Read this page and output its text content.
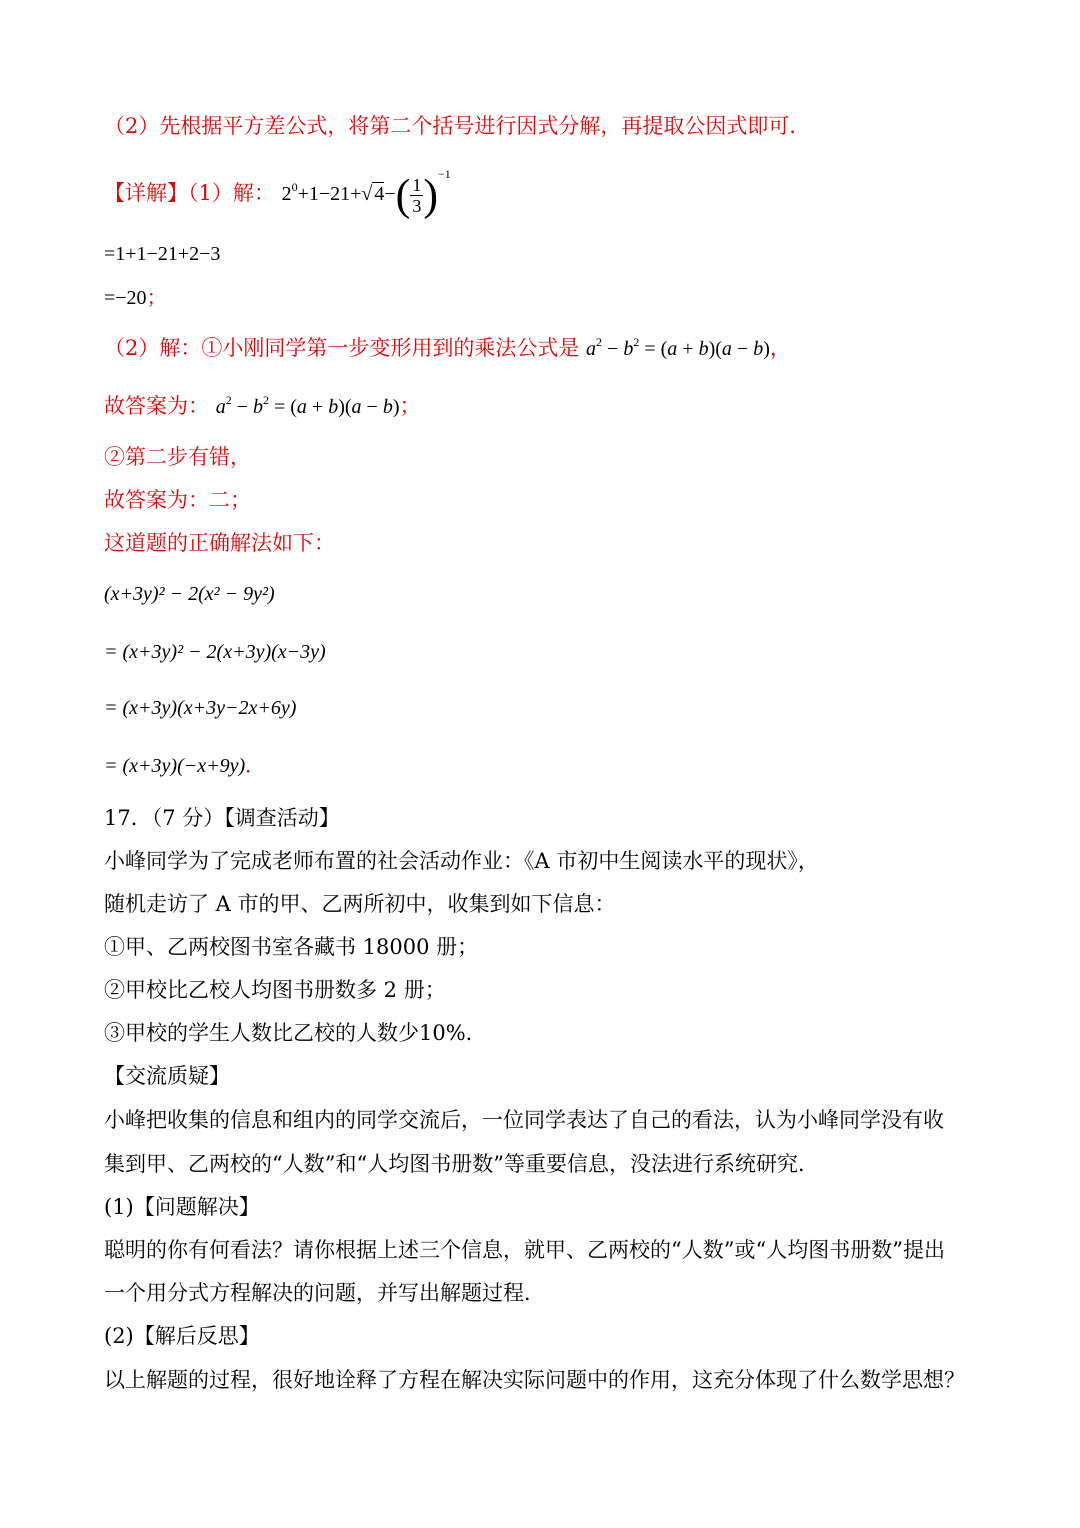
（2）先根据平方差公式，将第二个括号进行因式分解，再提取公因式即可．
【详解】（1）解： $2^0+1-21+√$ $4-( \frac{1}{3} )^{-1}$
=1+1−21+2−3
=−20；
（2）解：①小刚同学第一步变形用到的乘法公式是 $a^2 - b^2 = (a + b)(a - b)$，
故答案为： $a^2 - b^2 = (a + b)(a - b)$；
②第二步有错，
故答案为：二；
这道题的正确解法如下：
(x+3y)² − 2(x² − 9y²)
= (x+3y)² − 2(x+3y)(x−3y)
= (x+3y)(x+3y−2x+6y)
= (x+3y)(−x+9y)．
17．（7 分）【调查活动】
小峰同学为了完成老师布置的社会活动作业：《A 市初中生阅读水平的现状》，
随机走访了 A 市的甲、乙两所初中，收集到如下信息：
①甲、乙两校图书室各藏书 18000 册；
②甲校比乙校人均图书册数多 2 册；
③甲校的学生人数比乙校的人数少10%．
【交流质疑】
小峰把收集的信息和组内的同学交流后，一位同学表达了自己的看法，认为小峰同学没有收
集到甲、乙两校的“人数”和“人均图书册数”等重要信息，没法进行系统研究．
(1)【问题解决】
聪明的你有何看法？请你根据上述三个信息，就甲、乙两校的“人数”或“人均图书册数”提出
一个用分式方程解决的问题，并写出解题过程．
(2)【解后反思】
以上解题的过程，很好地诠释了方程在解决实际问题中的作用，这充分体现了什么数学思想？
